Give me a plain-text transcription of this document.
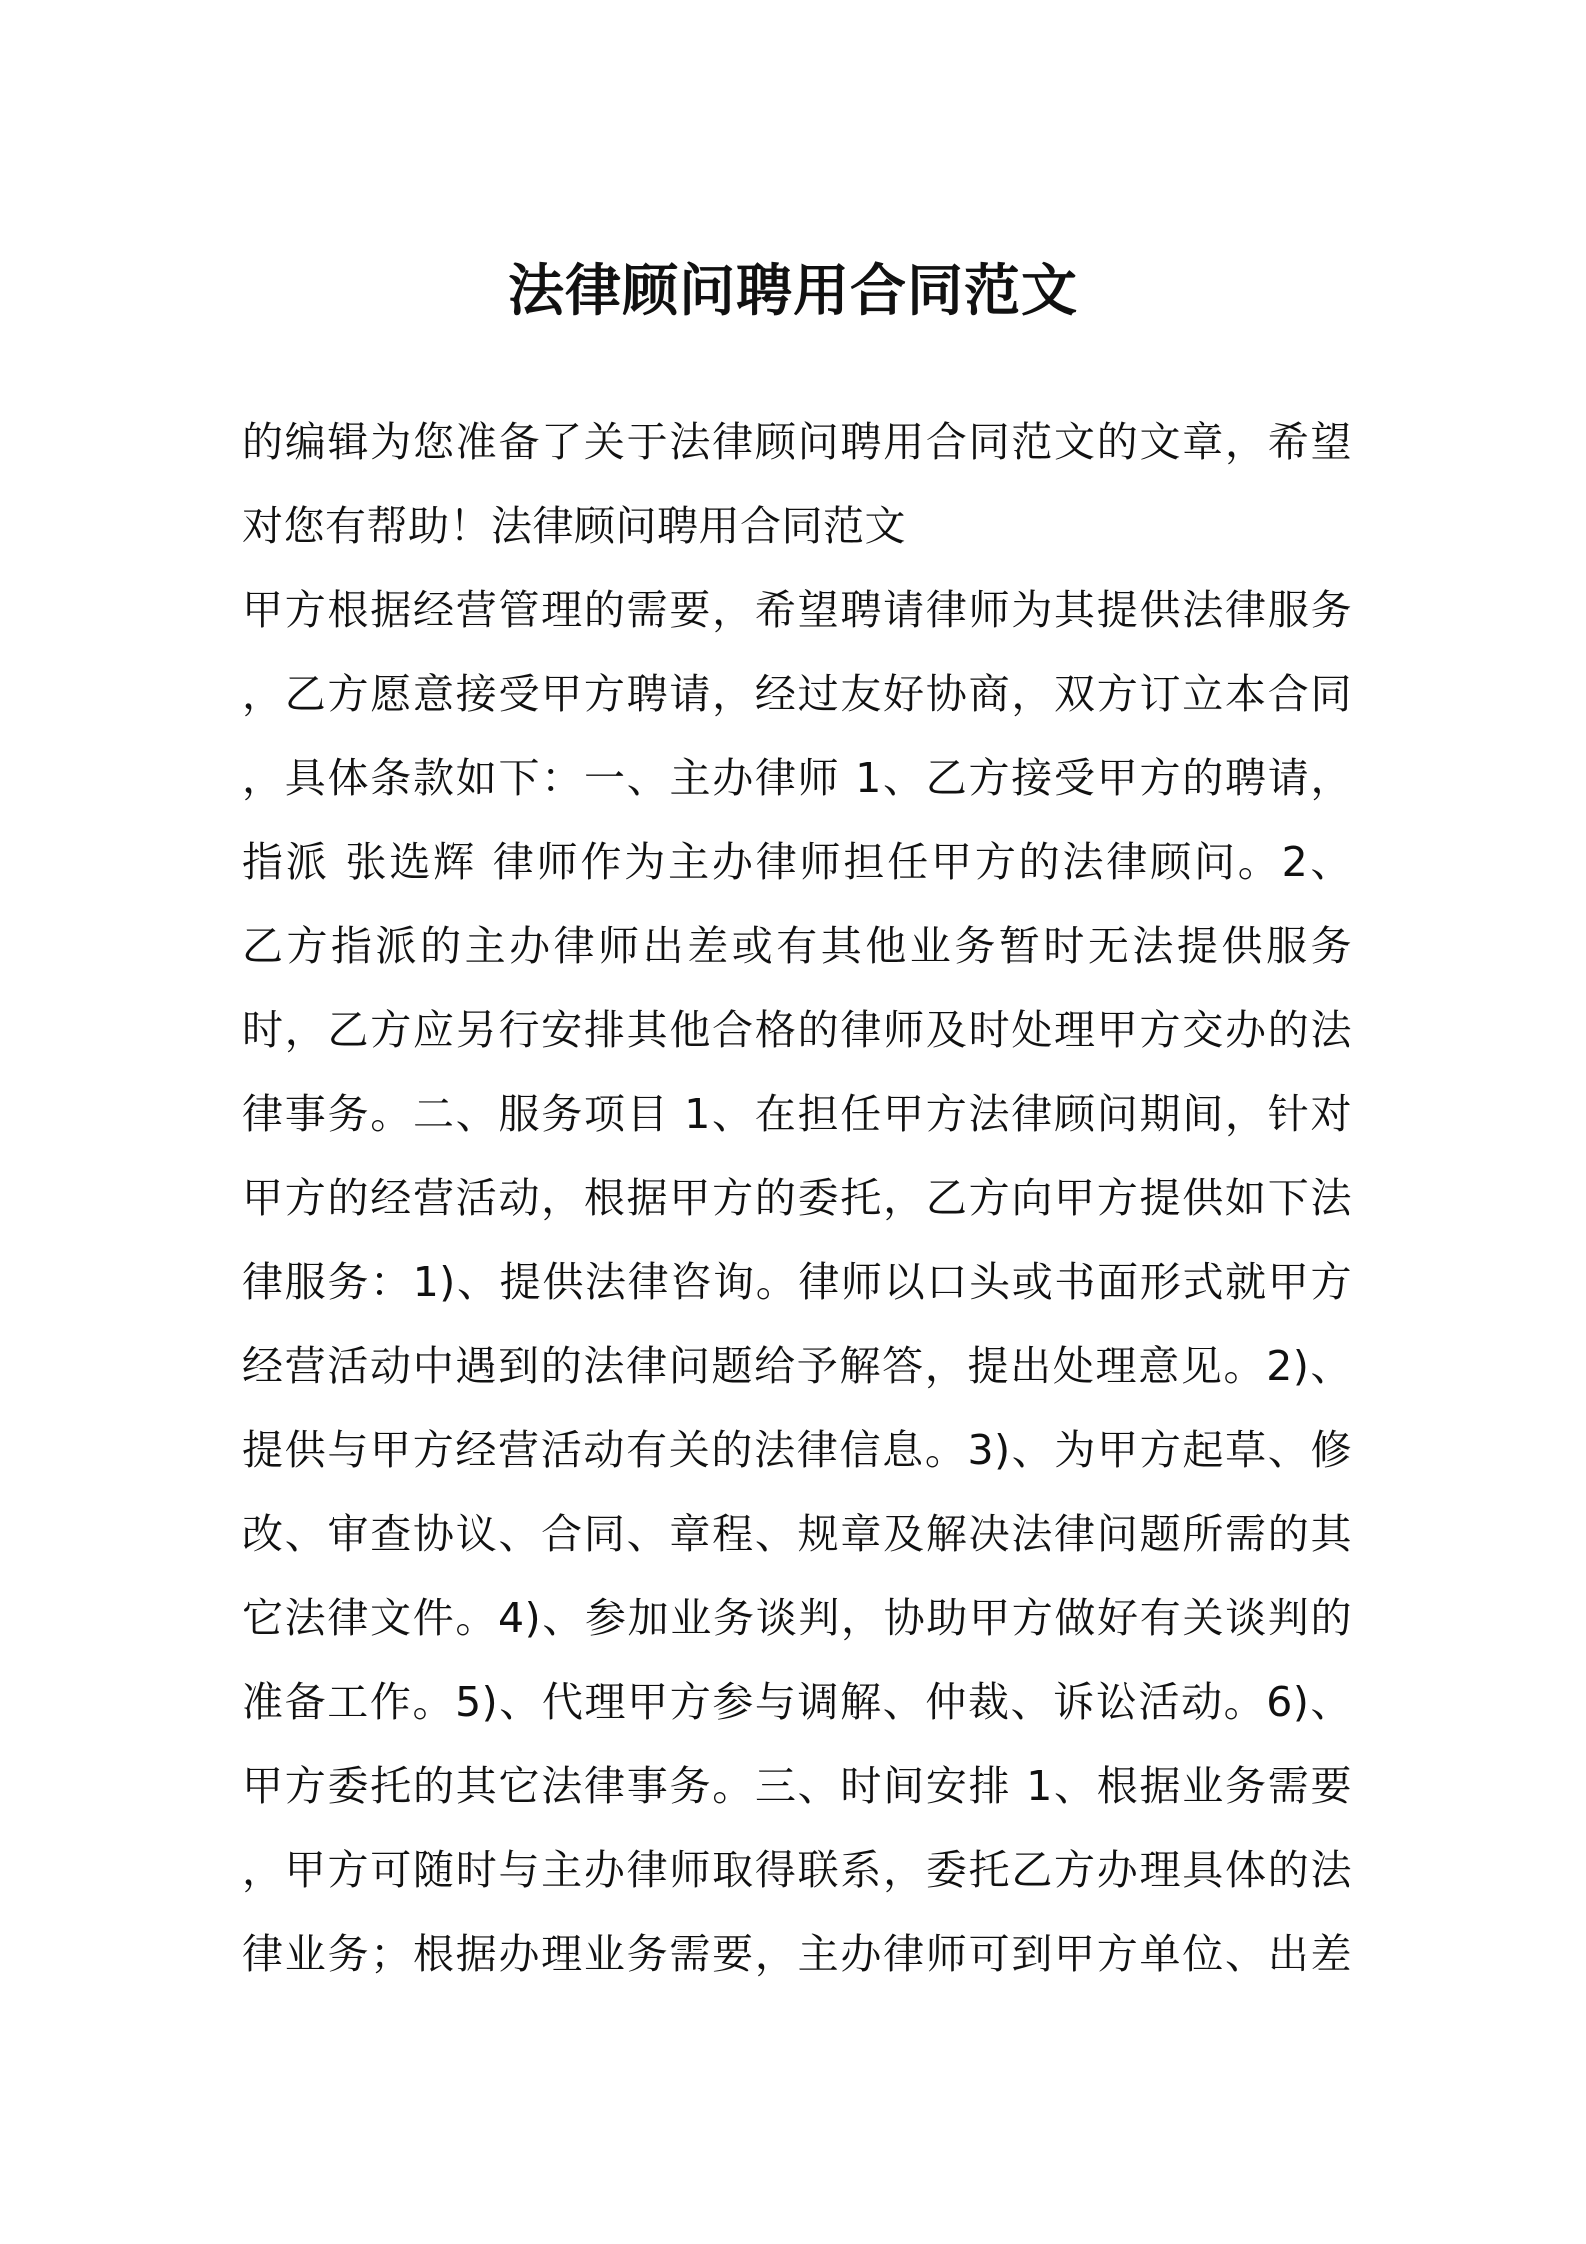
法律顾问聘用合同范文
的编辑为您准备了关于法律顾问聘用合同范文的文章，希望
对您有帮助！法律顾问聘用合同范文
甲方根据经营管理的需要，希望聘请律师为其提供法律服务
，乙方愿意接受甲方聘请，经过友好协商，双方订立本合同
，具体条款如下：一、主办律师 1、乙方接受甲方的聘请，
指派 张选辉 律师作为主办律师担任甲方的法律顾问。2、
乙方指派的主办律师出差或有其他业务暂时无法提供服务
时，乙方应另行安排其他合格的律师及时处理甲方交办的法
律事务。二、服务项目 1、在担任甲方法律顾问期间，针对
甲方的经营活动，根据甲方的委托，乙方向甲方提供如下法
律服务：1)、提供法律咨询。律师以口头或书面形式就甲方
经营活动中遇到的法律问题给予解答，提出处理意见。2)、
提供与甲方经营活动有关的法律信息。3)、为甲方起草、修
改、审查协议、合同、章程、规章及解决法律问题所需的其
它法律文件。4)、参加业务谈判，协助甲方做好有关谈判的
准备工作。5)、代理甲方参与调解、仲裁、诉讼活动。6)、
甲方委托的其它法律事务。三、时间安排 1、根据业务需要
，甲方可随时与主办律师取得联系，委托乙方办理具体的法
律业务；根据办理业务需要，主办律师可到甲方单位、出差
